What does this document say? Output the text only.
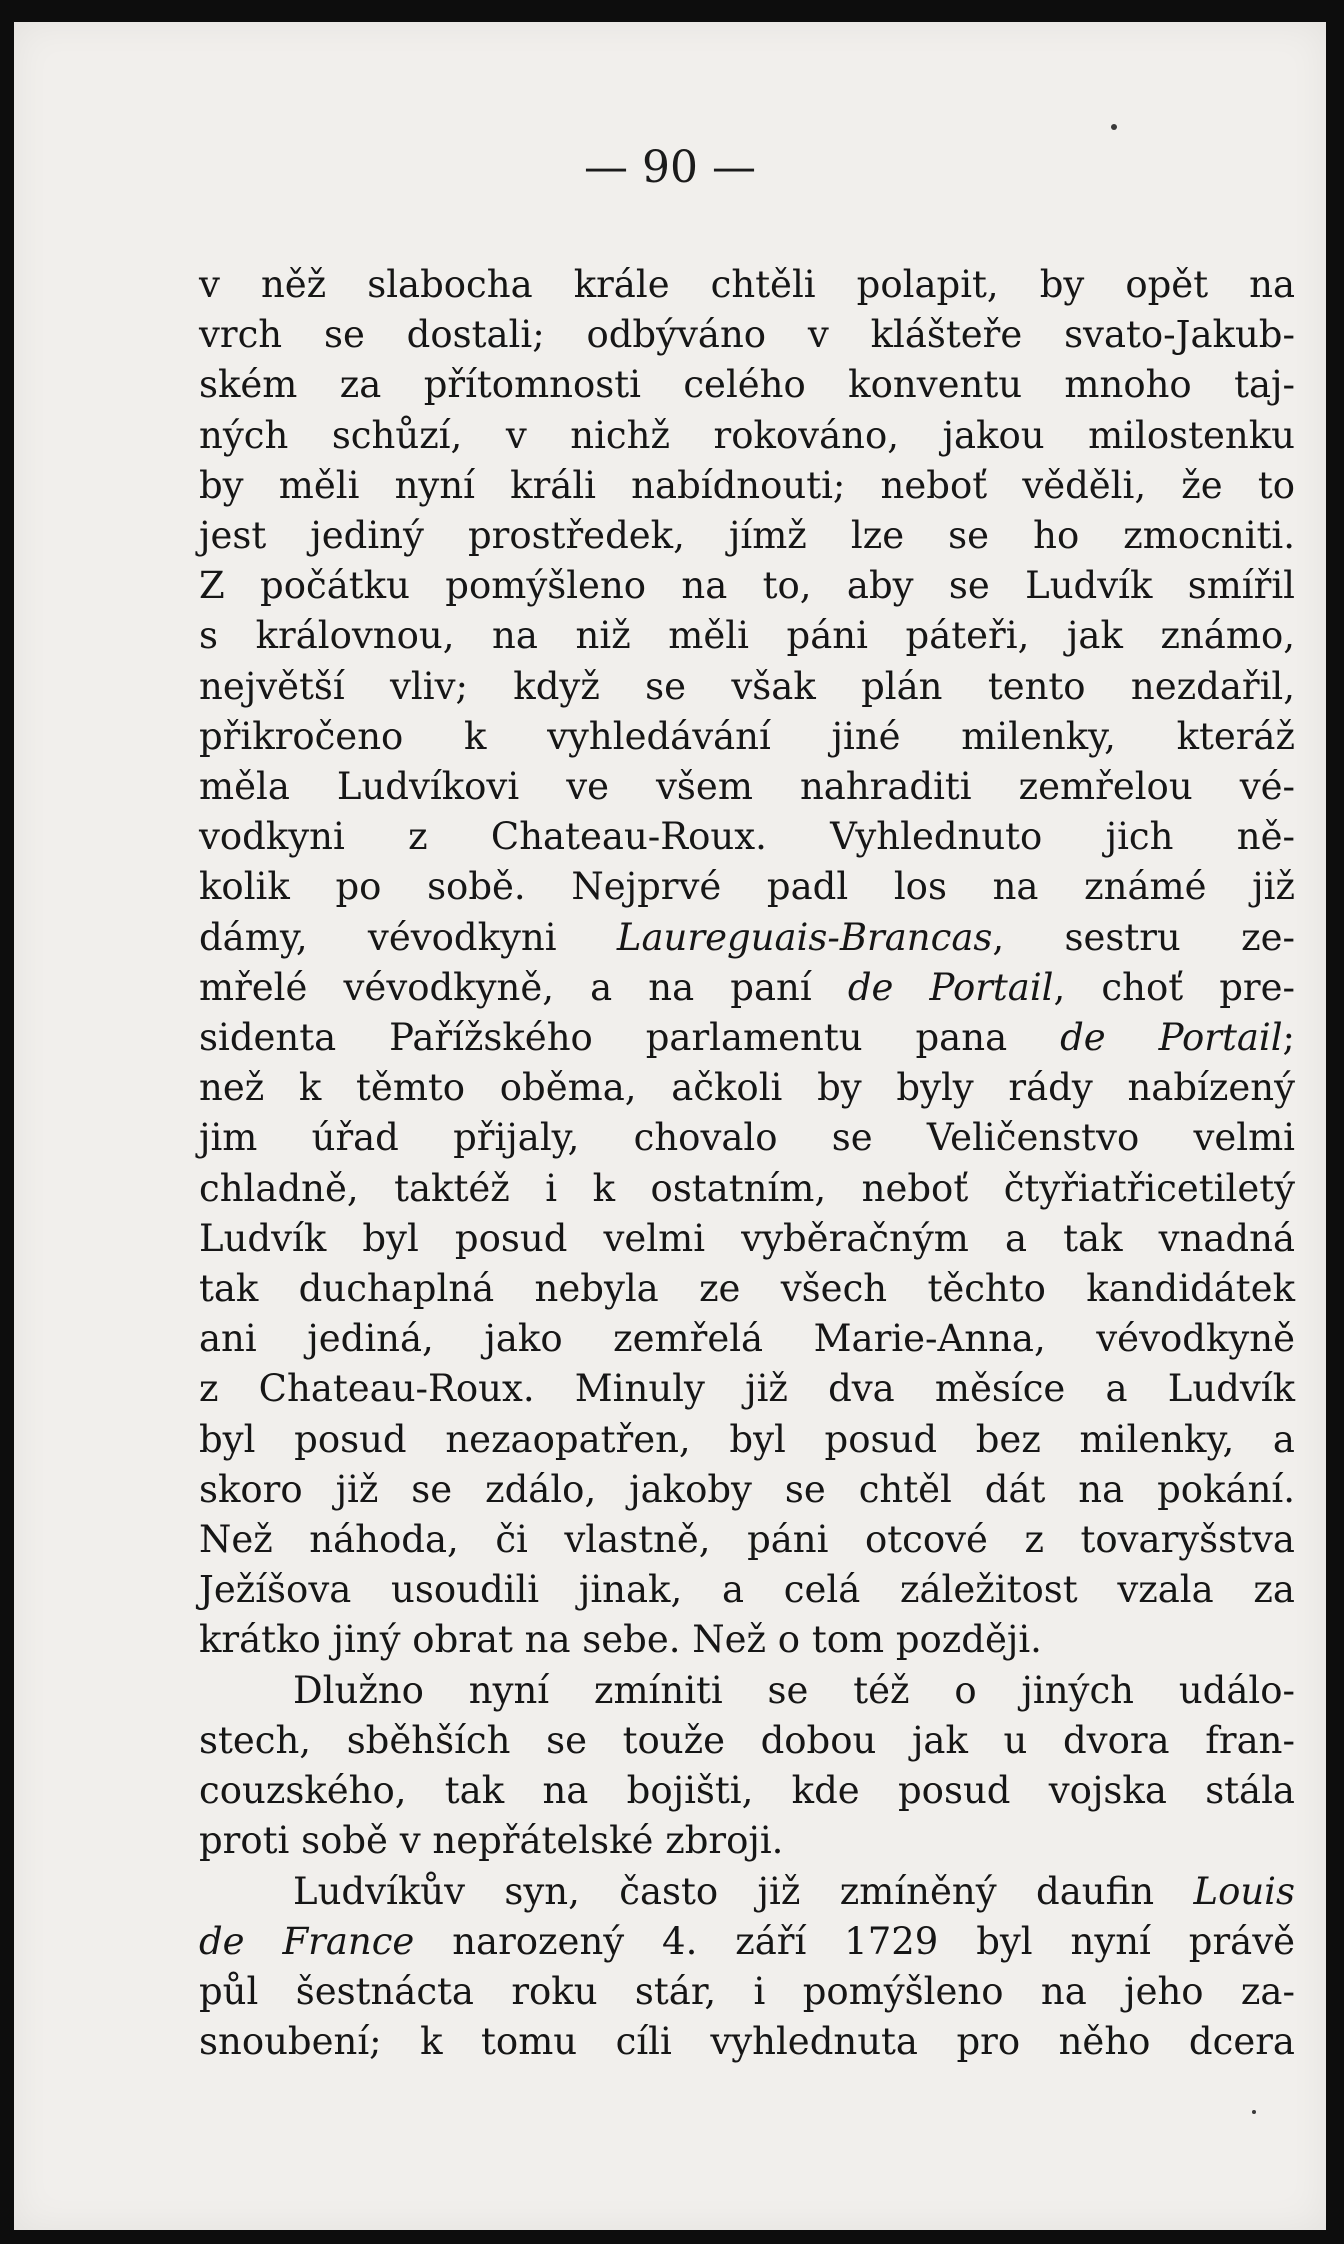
— 90 —

v něž slabocha krále chtěli polapit, by opět na
vrch se dostali; odbýváno v klášteře svato-Jakub-
ském za přítomnosti celého konventu mnoho taj-
ných schůzí, v nichž rokováno, jakou milostenku
by měli nyní králi nabídnouti; neboť věděli, že to
jest jediný prostředek, jímž lze se ho zmocniti.
Z počátku pomýšleno na to, aby se Ludvík smířil
s královnou, na niž měli páni páteři, jak známo,
největší vliv; když se však plán tento nezdařil,
přikročeno k vyhledávání jiné milenky, kteráž
měla Ludvíkovi ve všem nahraditi zemřelou vé-
vodkyni z Chateau-Roux. Vyhlednuto jich ně-
kolik po sobě. Nejprvé padl los na známé již
dámy, vévodkyni Laureguais-Brancas, sestru ze-
mřelé vévodkyně, a na paní de Portail, choť pre-
sidenta Pařížského parlamentu pana de Portail;
než k těmto oběma, ačkoli by byly rády nabízený
jim úřad přijaly, chovalo se Veličenstvo velmi
chladně, taktéž i k ostatním, neboť čtyřiatřicetiletý
Ludvík byl posud velmi vyběračným a tak vnadná
tak duchaplná nebyla ze všech těchto kandidátek
ani jediná, jako zemřelá Marie-Anna, vévodkyně
z Chateau-Roux. Minuly již dva měsíce a Ludvík
byl posud nezaopatřen, byl posud bez milenky, a
skoro již se zdálo, jakoby se chtěl dát na pokání.
Než náhoda, či vlastně, páni otcové z tovaryšstva
Ježíšova usoudili jinak, a celá záležitost vzala za
krátko jiný obrat na sebe. Než o tom později.

Dlužno nyní zmíniti se též o jiných událo-
stech, sběhších se touže dobou jak u dvora fran-
couzského, tak na bojišti, kde posud vojska stála
proti sobě v nepřátelské zbroji.

Ludvíkův syn, často již zmíněný daufin Louis
de France narozený 4. září 1729 byl nyní právě
půl šestnácta roku stár, i pomýšleno na jeho za-
snoubení; k tomu cíli vyhlednuta pro něho dcera
